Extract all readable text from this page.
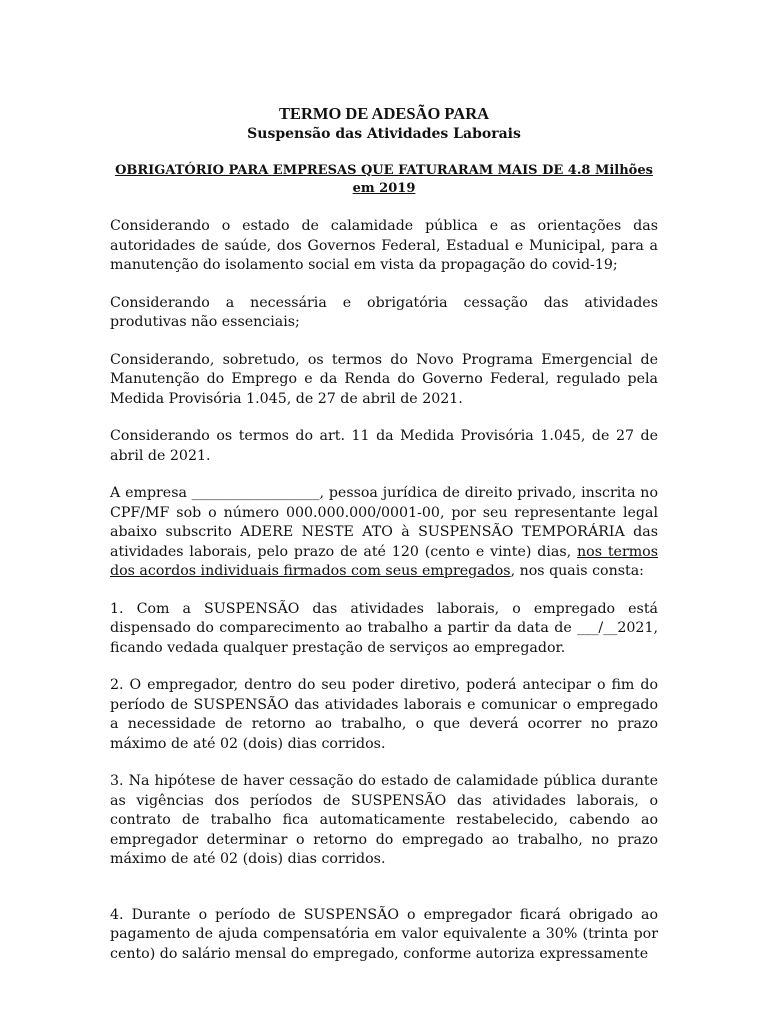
TERMO DE ADESÃO PARA
Suspensão das Atividades Laborais

OBRIGATÓRIO PARA EMPRESAS QUE FATURARAM MAIS DE 4.8 Milhões em 2019

Considerando o estado de calamidade pública e as orientações das autoridades de saúde, dos Governos Federal, Estadual e Municipal, para a manutenção do isolamento social em vista da propagação do covid-19;

Considerando a necessária e obrigatória cessação das atividades produtivas não essenciais;

Considerando, sobretudo, os termos do Novo Programa Emergencial de Manutenção do Emprego e da Renda do Governo Federal, regulado pela Medida Provisória 1.045, de 27 de abril de 2021.

Considerando os termos do art. 11 da Medida Provisória 1.045, de 27 de abril de 2021.

A empresa __________________, pessoa jurídica de direito privado, inscrita no CPF/MF sob o número 000.000.000/0001-00, por seu representante legal abaixo subscrito ADERE NESTE ATO à SUSPENSÃO TEMPORÁRIA das atividades laborais, pelo prazo de até 120 (cento e vinte) dias, nos termos dos acordos individuais firmados com seus empregados, nos quais consta:

1. Com a SUSPENSÃO das atividades laborais, o empregado está dispensado do comparecimento ao trabalho a partir da data de ___/__2021, ficando vedada qualquer prestação de serviços ao empregador.

2. O empregador, dentro do seu poder diretivo, poderá antecipar o fim do período de SUSPENSÃO das atividades laborais e comunicar o empregado a necessidade de retorno ao trabalho, o que deverá ocorrer no prazo máximo de até 02 (dois) dias corridos.

3. Na hipótese de haver cessação do estado de calamidade pública durante as vigências dos períodos de SUSPENSÃO das atividades laborais, o contrato de trabalho fica automaticamente restabelecido, cabendo ao empregador determinar o retorno do empregado ao trabalho, no prazo máximo de até 02 (dois) dias corridos.

4. Durante o período de SUSPENSÃO o empregador ficará obrigado ao pagamento de ajuda compensatória em valor equivalente a 30% (trinta por cento) do salário mensal do empregado, conforme autoriza expressamente
